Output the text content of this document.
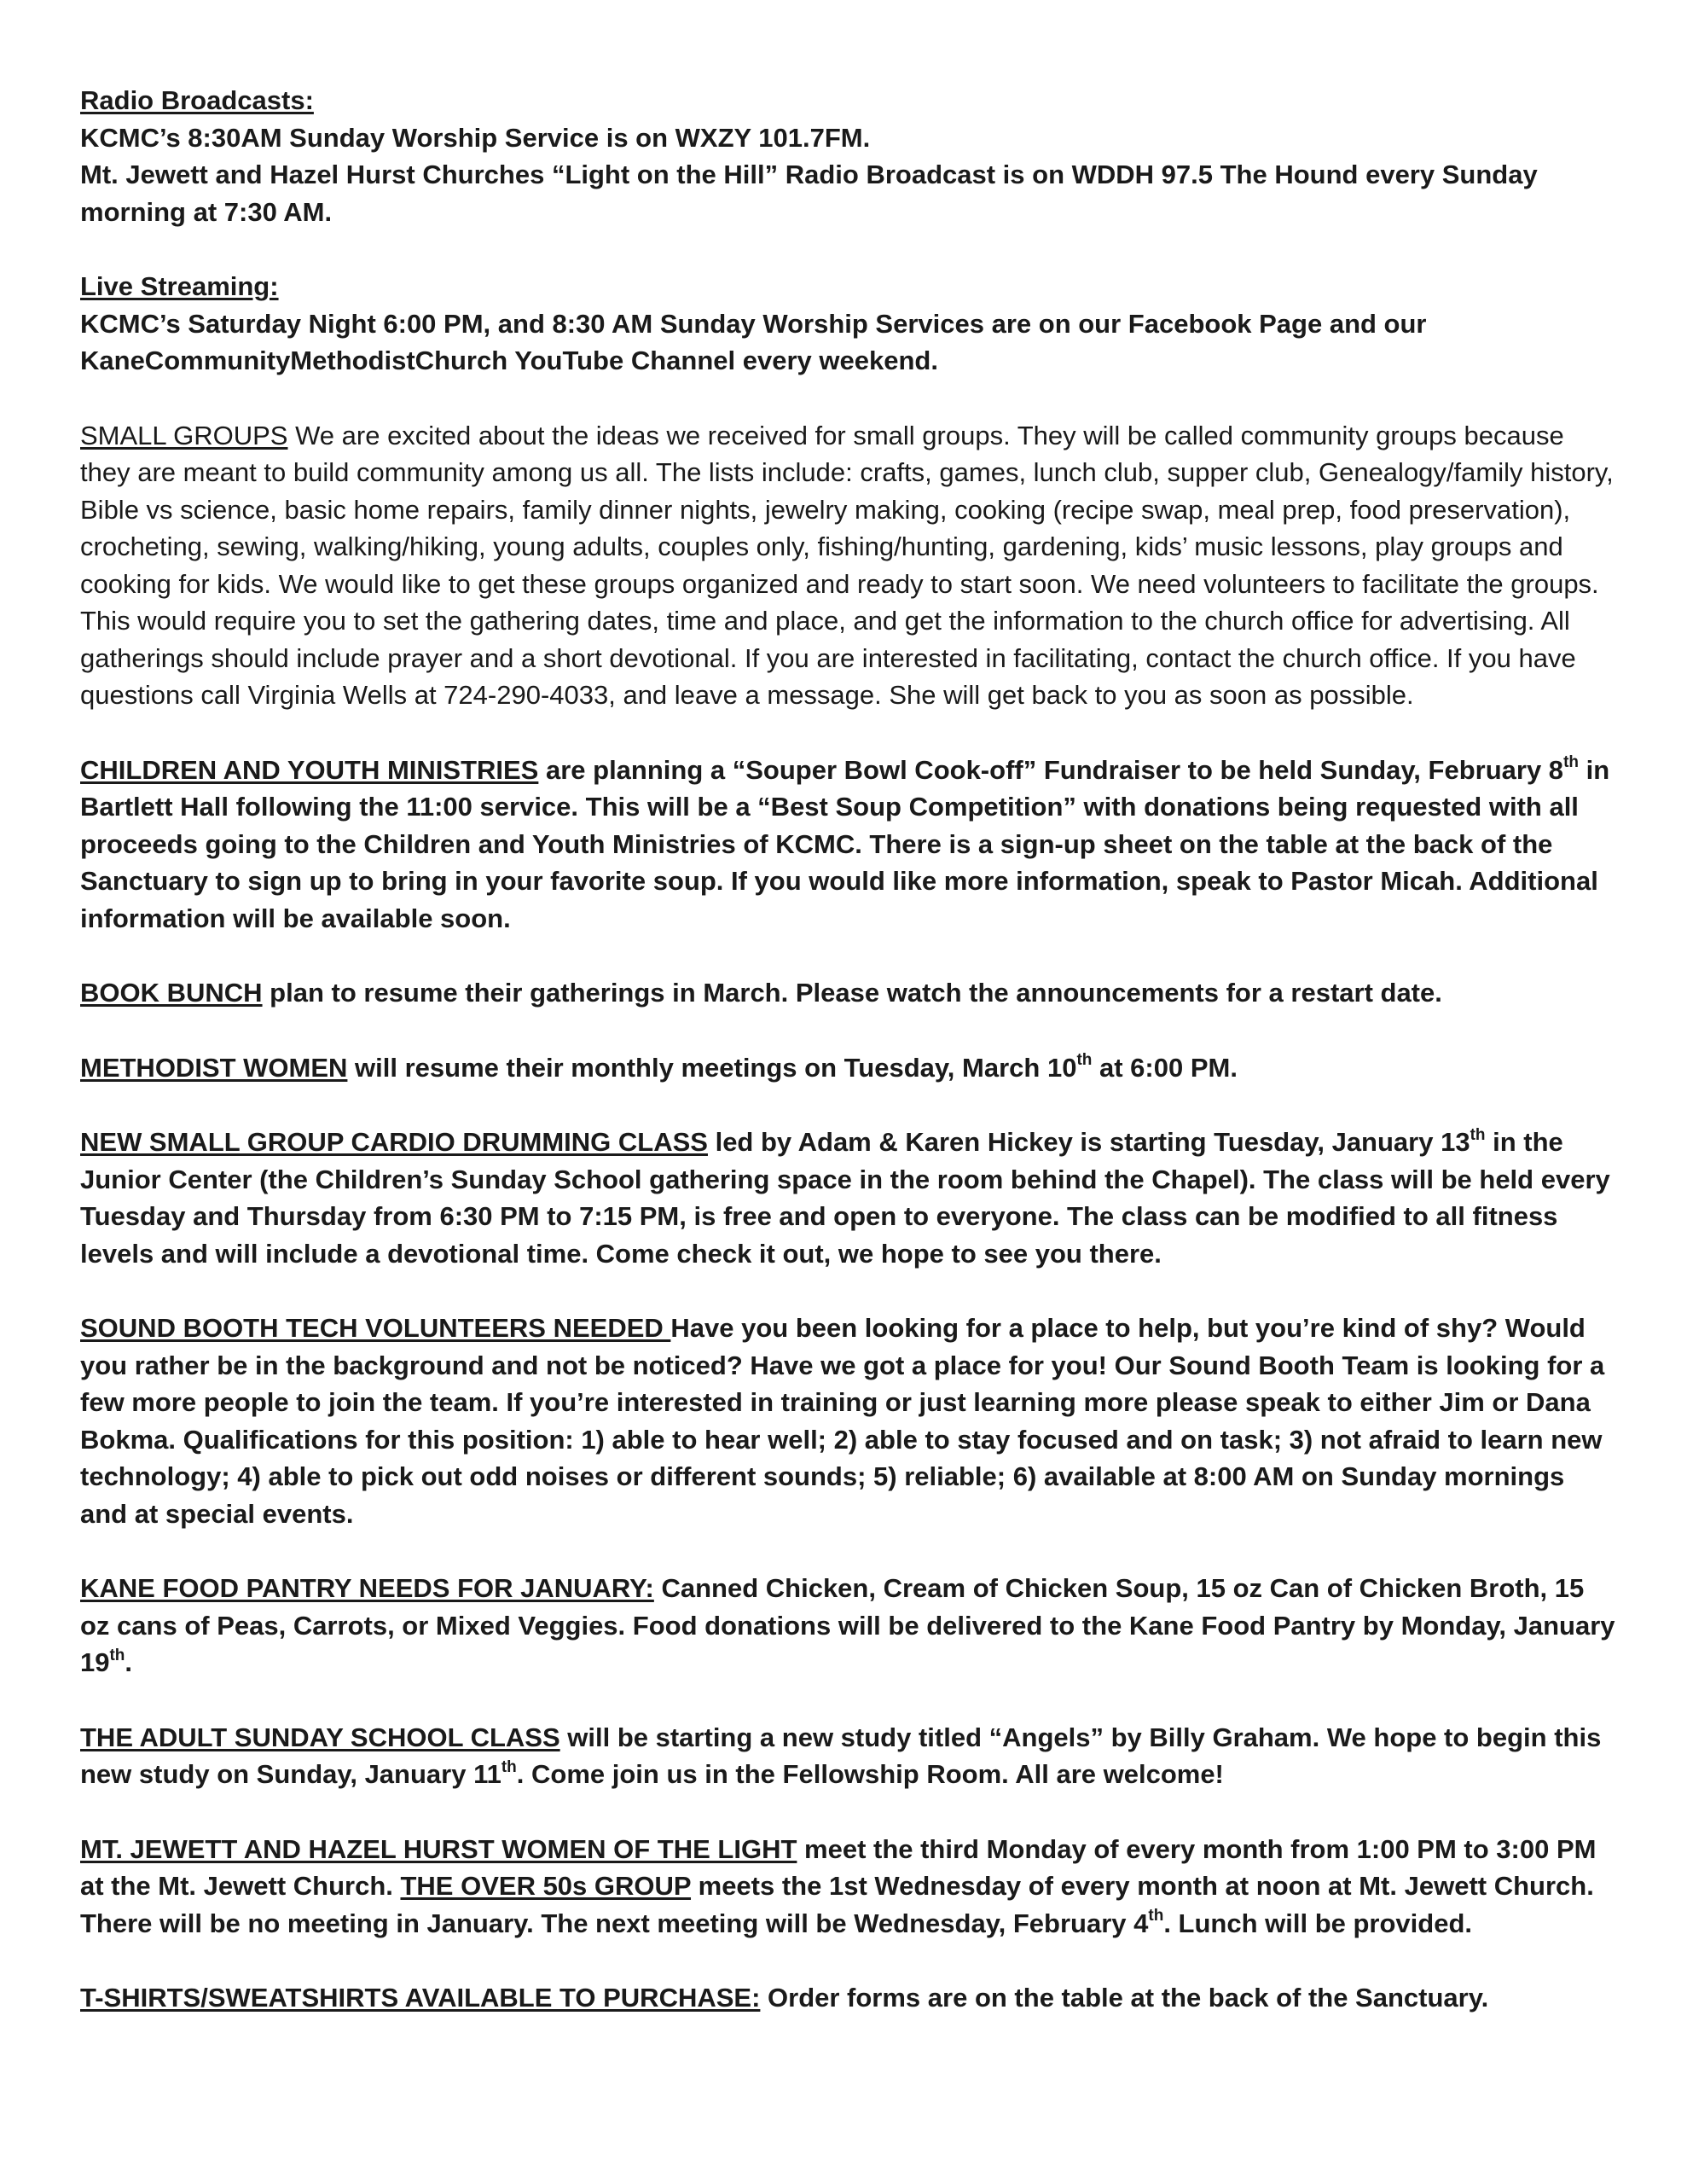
Radio Broadcasts:

KCMC’s 8:30AM Sunday Worship Service is on WXZY 101.7FM.

Mt. Jewett and Hazel Hurst Churches “Light on the Hill” Radio Broadcast is on WDDH 97.5 The Hound every Sunday morning at 7:30 AM.

Live Streaming:

KCMC’s Saturday Night 6:00 PM, and 8:30 AM Sunday Worship Services are on our Facebook Page and our KaneCommunityMethodistChurch YouTube Channel every weekend.

SMALL GROUPS We are excited about the ideas we received for small groups. They will be called community groups because they are meant to build community among us all. The lists include: crafts, games, lunch club, supper club, Genealogy/family history, Bible vs science, basic home repairs, family dinner nights, jewelry making, cooking (recipe swap, meal prep, food preservation), crocheting, sewing, walking/hiking, young adults, couples only, fishing/hunting, gardening, kids’ music lessons, play groups and cooking for kids. We would like to get these groups organized and ready to start soon. We need volunteers to facilitate the groups. This would require you to set the gathering dates, time and place, and get the information to the church office for advertising. All gatherings should include prayer and a short devotional. If you are interested in facilitating, contact the church office. If you have questions call Virginia Wells at 724-290-4033, and leave a message. She will get back to you as soon as possible.

CHILDREN AND YOUTH MINISTRIES are planning a “Souper Bowl Cook-off” Fundraiser to be held Sunday, February 8th in Bartlett Hall following the 11:00 service. This will be a “Best Soup Competition” with donations being requested with all proceeds going to the Children and Youth Ministries of KCMC. There is a sign-up sheet on the table at the back of the Sanctuary to sign up to bring in your favorite soup. If you would like more information, speak to Pastor Micah. Additional information will be available soon.

BOOK BUNCH plan to resume their gatherings in March. Please watch the announcements for a restart date.

METHODIST WOMEN will resume their monthly meetings on Tuesday, March 10th at 6:00 PM.

NEW SMALL GROUP CARDIO DRUMMING CLASS led by Adam & Karen Hickey is starting Tuesday, January 13th in the Junior Center (the Children’s Sunday School gathering space in the room behind the Chapel). The class will be held every Tuesday and Thursday from 6:30 PM to 7:15 PM, is free and open to everyone. The class can be modified to all fitness levels and will include a devotional time. Come check it out, we hope to see you there.

SOUND BOOTH TECH VOLUNTEERS NEEDED Have you been looking for a place to help, but you’re kind of shy? Would you rather be in the background and not be noticed? Have we got a place for you! Our Sound Booth Team is looking for a few more people to join the team. If you’re interested in training or just learning more please speak to either Jim or Dana Bokma. Qualifications for this position: 1) able to hear well; 2) able to stay focused and on task; 3) not afraid to learn new technology; 4) able to pick out odd noises or different sounds; 5) reliable; 6) available at 8:00 AM on Sunday mornings and at special events.

KANE FOOD PANTRY NEEDS FOR JANUARY: Canned Chicken, Cream of Chicken Soup, 15 oz Can of Chicken Broth, 15 oz cans of Peas, Carrots, or Mixed Veggies. Food donations will be delivered to the Kane Food Pantry by Monday, January 19th.

THE ADULT SUNDAY SCHOOL CLASS will be starting a new study titled “Angels” by Billy Graham. We hope to begin this new study on Sunday, January 11th. Come join us in the Fellowship Room. All are welcome!

MT. JEWETT AND HAZEL HURST WOMEN OF THE LIGHT meet the third Monday of every month from 1:00 PM to 3:00 PM at the Mt. Jewett Church. THE OVER 50s GROUP meets the 1st Wednesday of every month at noon at Mt. Jewett Church. There will be no meeting in January. The next meeting will be Wednesday, February 4th. Lunch will be provided.

T-SHIRTS/SWEATSHIRTS AVAILABLE TO PURCHASE: Order forms are on the table at the back of the Sanctuary.
